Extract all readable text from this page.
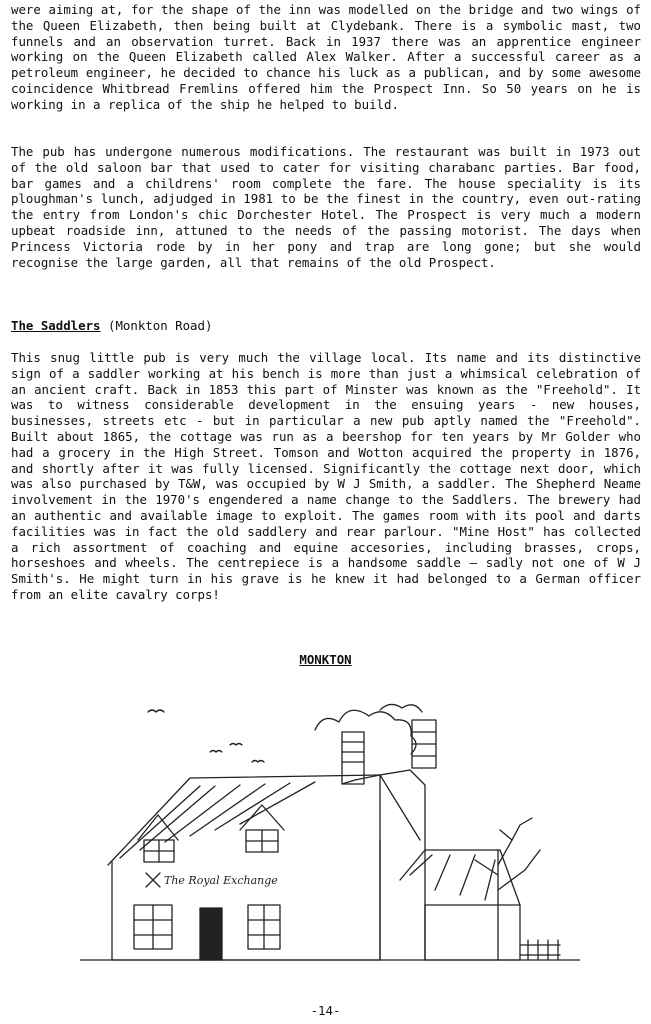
were aiming at, for the shape of the inn was modelled on the bridge and two wings of the Queen Elizabeth, then being built at Clydebank. There is a symbolic mast, two funnels and an observation turret. Back in 1937 there was an apprentice engineer working on the Queen Elizabeth called Alex Walker. After a successful career as a petroleum engineer, he decided to chance his luck as a publican, and by some awesome coincidence Whitbread Fremlins offered him the Prospect Inn. So 50 years on he is working in a replica of the ship he helped to build.

The pub has undergone numerous modifications. The restaurant was built in 1973 out of the old saloon bar that used to cater for visiting charabanc parties. Bar food, bar games and a childrens' room complete the fare. The house speciality is its ploughman's lunch, adjudged in 1981 to be the finest in the country, even out-rating the entry from London's chic Dorchester Hotel. The Prospect is very much a modern upbeat roadside inn, attuned to the needs of the passing motorist. The days when Princess Victoria rode by in her pony and trap are long gone; but she would recognise the large garden, all that remains of the old Prospect.

The Saddlers (Monkton Road)

This snug little pub is very much the village local. Its name and its distinctive sign of a saddler working at his bench is more than just a whimsical celebration of an ancient craft. Back in 1853 this part of Minster was known as the "Freehold". It was to witness considerable development in the ensuing years - new houses, businesses, streets etc - but in particular a new pub aptly named the "Freehold". Built about 1865, the cottage was run as a beershop for ten years by Mr Golder who had a grocery in the High Street. Tomson and Wotton acquired the property in 1876, and shortly after it was fully licensed. Significantly the cottage next door, which was also purchased by T&W, was occupied by W J Smith, a saddler. The Shepherd Neame involvement in the 1970's engendered a name change to the Saddlers. The brewery had an authentic and available image to exploit. The games room with its pool and darts facilities was in fact the old saddlery and rear parlour. "Mine Host" has collected a rich assortment of coaching and equine accesories, including brasses, crops, horseshoes and wheels. The centrepiece is a handsome saddle — sadly not one of W J Smith's. He might turn in his grave is he knew it had belonged to a German officer from an elite cavalry corps!

MONKTON
The Royal Exchange
-14-
